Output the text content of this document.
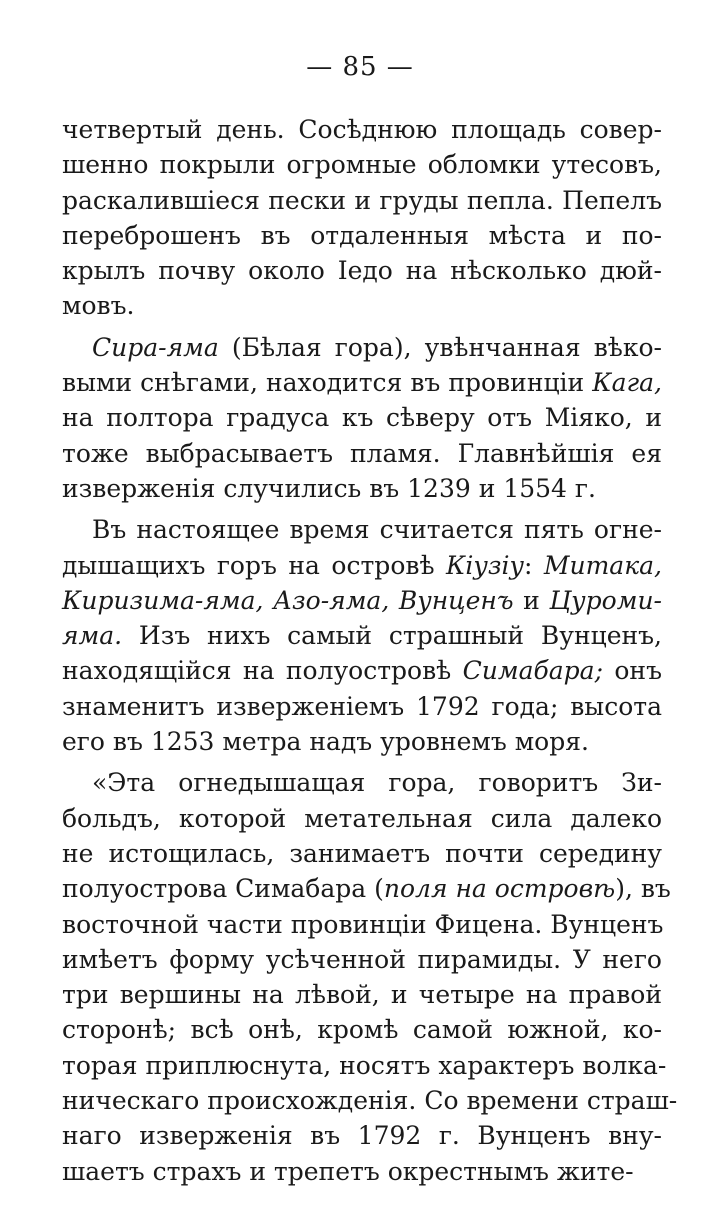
— 85 —
четвертый день. Сосѣднюю площадь совер-
шенно покрыли огромные обломки утесовъ,
раскалившіеся пески и груды пепла. Пепелъ
переброшенъ въ отдаленныя мѣста и по-
крылъ почву около Іедо на нѣсколько дюй-
мовъ.
Сира-яма (Бѣлая гора), увѣнчанная вѣко-
выми снѣгами, находится въ провинціи Кага,
на полтора градуса къ сѣверу отъ Міяко, и
тоже выбрасываетъ пламя. Главнѣйшія ея
изверженія случились въ 1239 и 1554 г.
Въ настоящее время считается пять огне-
дышащихъ горъ на островѣ Кіузіу: Митака,
Киризима-яма, Азо-яма, Вунценъ и Цуроми-
яма. Изъ нихъ самый страшный Вунценъ,
находящійся на полуостровѣ Симабара; онъ
знаменитъ изверженіемъ 1792 года; высота
его въ 1253 метра надъ уровнемъ моря.
«Эта огнедышащая гора, говоритъ Зи-
больдъ, которой метательная сила далеко
не истощилась, занимаетъ почти середину
полуострова Симабара (поля на островѣ), въ
восточной части провинціи Фицена. Вунценъ
имѣетъ форму усѣченной пирамиды. У него
три вершины на лѣвой, и четыре на правой
сторонѣ; всѣ онѣ, кромѣ самой южной, ко-
торая приплюснута, носятъ характеръ волка-
ническаго происхожденія. Со времени страш-
наго изверженія въ 1792 г. Вунценъ вну-
шаетъ страхъ и трепетъ окрестнымъ жите-
